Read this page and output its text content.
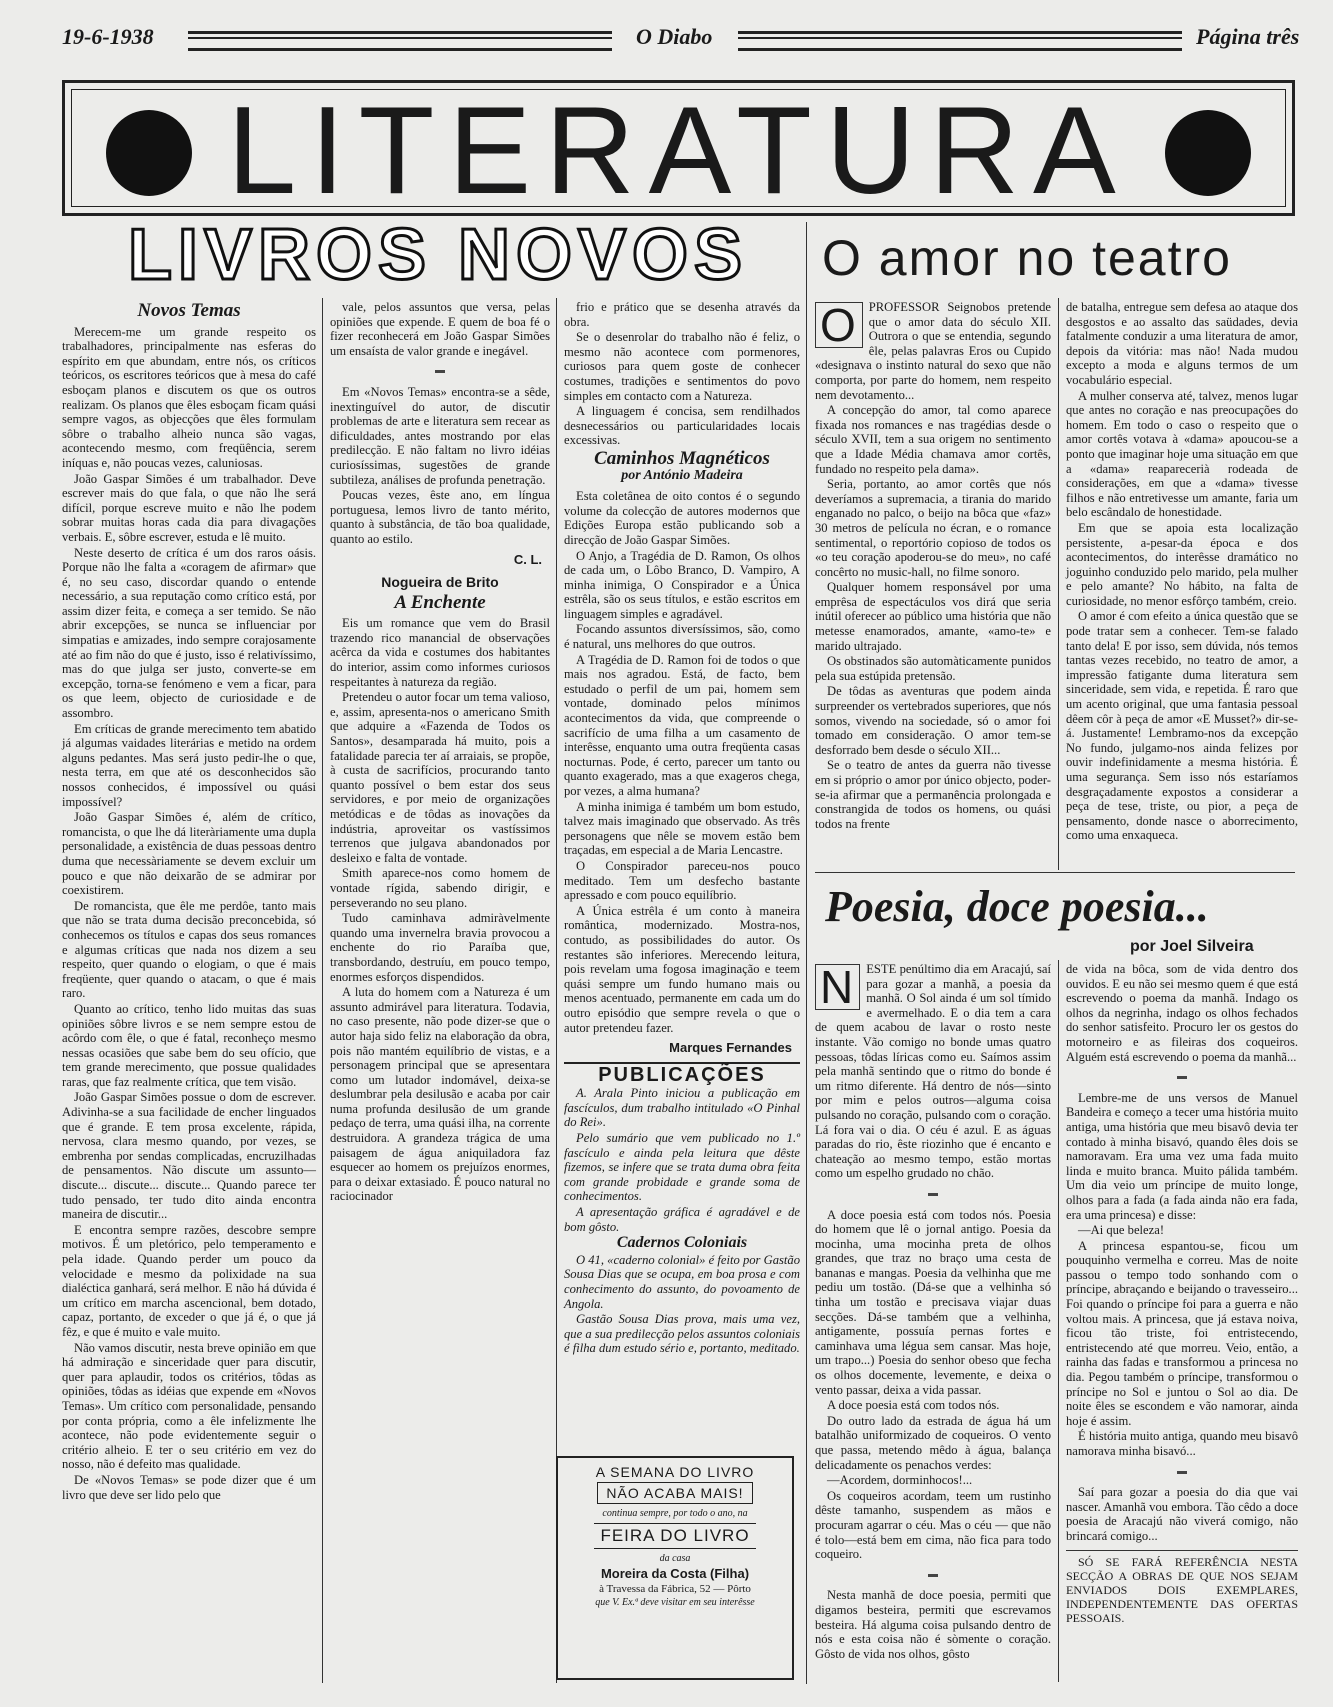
19-6-1938	O Diabo	Página três
LITERATURA
LIVROS NOVOS	O amor no teatro
Novos Temas

Merecem-me um grande respeito os trabalhadores, principalmente nas esferas do espírito em que abundam, entre nós, os críticos teóricos, os escritores teóricos que à mesa do café esboçam planos e discutem os que os outros realizam. Os planos que êles esboçam ficam quási sempre vagos, as objecções que êles formulam sôbre o trabalho alheio nunca são vagas, acontecendo mesmo, com freqüência, serem iníquas e, não poucas vezes, caluniosas.

João Gaspar Simões é um trabalhador. Deve escrever mais do que fala, o que não lhe será difícil, porque escreve muito e não lhe podem sobrar muitas horas cada dia para divagações verbais. E, sôbre escrever, estuda e lê muito.

Neste deserto de crítica é um dos raros oásis. Porque não lhe falta a «coragem de afirmar» que é, no seu caso, discordar quando o entende necessário, a sua reputação como crítico está, por assim dizer feita, e começa a ser temido. Se não abrir excepções, se nunca se influenciar por simpatias e amizades, indo sempre corajosamente até ao fim não do que é justo, isso é relativíssimo, mas do que julga ser justo, converte-se em excepção, torna-se fenómeno e vem a ficar, para os que leem, objecto de curiosidade e de assombro.

Em críticas de grande merecimento tem abatido já algumas vaidades literárias e metido na ordem alguns pedantes. Mas será justo pedir-lhe o que, nesta terra, em que até os desconhecidos são nossos conhecidos, é impossível ou quási impossível?

João Gaspar Simões é, além de crítico, romancista, o que lhe dá literàriamente uma dupla personalidade, a existência de duas pessoas dentro duma que necessàriamente se devem excluir um pouco e que não deixarão de se admirar por coexistirem.

De romancista, que êle me perdôe, tanto mais que não se trata duma decisão preconcebida, só conhecemos os títulos e capas dos seus romances e algumas críticas que nada nos dizem a seu respeito, quer quando o elogiam, o que é mais freqüente, quer quando o atacam, o que é mais raro.

Quanto ao crítico, tenho lido muitas das suas opiniões sôbre livros e se nem sempre estou de acôrdo com êle, o que é fatal, reconheço mesmo nessas ocasiões que sabe bem do seu ofício, que tem grande merecimento, que possue qualidades raras, que faz realmente crítica, que tem visão.

João Gaspar Simões possue o dom de escrever. Adivinha-se a sua facilidade de encher linguados que é grande. E tem prosa excelente, rápida, nervosa, clara mesmo quando, por vezes, se embrenha por sendas complicadas, encruzilhadas de pensamentos. Não discute um assunto— discute... discute... discute... Quando parece ter tudo pensado, ter tudo dito ainda encontra maneira de discutir...

E encontra sempre razões, descobre sempre motivos. É um pletórico, pelo temperamento e pela idade. Quando perder um pouco da velocidade e mesmo da polixidade na sua dialéctica ganhará, será melhor. E não há dúvida é um crítico em marcha ascencional, bem dotado, capaz, portanto, de exceder o que já é, o que já fêz, e que é muito e vale muito.

Não vamos discutir, nesta breve opinião em que há admiração e sinceridade quer para discutir, quer para aplaudir, todos os critérios, tôdas as opiniões, tôdas as idéias que expende em «Novos Temas». Um crítico com personalidade, pensando por conta própria, como a êle infelizmente lhe acontece, não pode evidentemente seguir o critério alheio. E ter o seu critério em vez do nosso, não é defeito mas qualidade.

De «Novos Temas» se pode dizer que é um livro que deve ser lido pelo que

vale, pelos assuntos que versa, pelas opiniões que expende. E quem de boa fé o fizer reconhecerá em João Gaspar Simões um ensaísta de valor grande e inegável.

▬

Em «Novos Temas» encontra-se a sêde, inextinguível do autor, de discutir problemas de arte e literatura sem recear as dificuldades, antes mostrando por elas predilecção. E não faltam no livro idéias curiosíssimas, sugestões de grande subtileza, análises de profunda penetração.

Poucas vezes, êste ano, em língua portuguesa, lemos livro de tanto mérito, quanto à substância, de tão boa qualidade, quanto ao estilo.

C. L.

Nogueira de Brito
A Enchente

Eis um romance que vem do Brasil trazendo rico manancial de observações acêrca da vida e costumes dos habitantes do interior, assim como informes curiosos respeitantes à natureza da região.

Pretendeu o autor focar um tema valioso, e, assim, apresenta-nos o americano Smith que adquire a «Fazenda de Todos os Santos», desamparada há muito, pois a fatalidade parecia ter aí arraiais, se propõe, à custa de sacrifícios, procurando tanto quanto possível o bem estar dos seus servidores, e por meio de organizações metódicas e de tôdas as inovações da indústria, aproveitar os vastíssimos terrenos que julgava abandonados por desleixo e falta de vontade.

Smith aparece-nos como homem de vontade rígida, sabendo dirigir, e perseverando no seu plano.

Tudo caminhava admiràvelmente quando uma invernelra bravia provocou a enchente do rio Paraíba que, transbordando, destruíu, em pouco tempo, enormes esforços dispendidos.

A luta do homem com a Natureza é um assunto admirável para literatura. Todavia, no caso presente, não pode dizer-se que o autor haja sido feliz na elaboração da obra, pois não mantém equilíbrio de vistas, e a personagem principal que se apresentara como um lutador indomável, deixa-se deslumbrar pela desilusão e acaba por cair numa profunda desilusão de um grande pedaço de terra, uma quási ilha, na corrente destruidora. A grandeza trágica de uma paisagem de água aniquiladora faz esquecer ao homem os prejuízos enormes, para o deixar extasiado. É pouco natural no raciocinador

frio e prático que se desenha através da obra.

Se o desenrolar do trabalho não é feliz, o mesmo não acontece com pormenores, curiosos para quem goste de conhecer costumes, tradições e sentimentos do povo simples em contacto com a Natureza.

A linguagem é concisa, sem rendilhados desnecessários ou particularidades locais excessivas.

Caminhos Magnéticos
por António Madeira

Esta coletânea de oito contos é o segundo volume da colecção de autores modernos que Edições Europa estão publicando sob a direcção de João Gaspar Simões.

O Anjo, a Tragédia de D. Ramon, Os olhos de cada um, o Lôbo Branco, D. Vampiro, A minha inimiga, O Conspirador e a Única estrêla, são os seus títulos, e estão escritos em linguagem simples e agradável.

Focando assuntos diversíssimos, são, como é natural, uns melhores do que outros.

A Tragédia de D. Ramon foi de todos o que mais nos agradou. Está, de facto, bem estudado o perfil de um pai, homem sem vontade, dominado pelos mínimos acontecimentos da vida, que compreende o sacrifício de uma filha a um casamento de interêsse, enquanto uma outra freqüenta casas nocturnas. Pode, é certo, parecer um tanto ou quanto exagerado, mas a que exageros chega, por vezes, a alma humana?

A minha inimiga é também um bom estudo, talvez mais imaginado que observado. As três personagens que nêle se movem estão bem traçadas, em especial a de Maria Lencastre.

O Conspirador pareceu-nos pouco meditado. Tem um desfecho bastante apressado e com pouco equilíbrio.

A Única estrêla é um conto à maneira romântica, modernizado. Mostra-nos, contudo, as possibilidades do autor. Os restantes são inferiores. Merecendo leitura, pois revelam uma fogosa imaginação e teem quási sempre um fundo humano mais ou menos acentuado, permanente em cada um do outro episódio que sempre revela o que o autor pretendeu fazer.

Marques Fernandes
PUBLICAÇÕES

A. Arala Pinto iniciou a publicação em fascículos, dum trabalho intitulado «O Pinhal do Rei».

Pelo sumário que vem publicado no 1.º fascículo e ainda pela leitura que dêste fizemos, se infere que se trata duma obra feita com grande probidade e grande soma de conhecimentos.

A apresentação gráfica é agradável e de bom gôsto.

Cadernos Coloniais

O 41, «caderno colonial» é feito por Gastão Sousa Dias que se ocupa, em boa prosa e com conhecimento do assunto, do povoamento de Angola.

Gastão Sousa Dias prova, mais uma vez, que a sua predilecção pelos assuntos coloniais é filha dum estudo sério e, portanto, meditado.

A SEMANA DO LIVRO
NÃO ACABA MAIS!
continua sempre, por todo o ano, na
FEIRA DO LIVRO
da casa
Moreira da Costa (Filha)
à Travessa da Fábrica, 52 — Pôrto
que V. Ex.ª deve visitar em seu interêsse
O	PROFESSOR Seignobos pretende que o amor data do século XII. Outrora o que se entendia, segundo êle, pelas palavras Eros ou Cupido «designava o instinto natural do sexo que não comporta, por parte do homem, nem respeito nem devotamento...

A concepção do amor, tal como aparece fixada nos romances e nas tragédias desde o século XVII, tem a sua origem no sentimento que a Idade Média chamava amor cortês, fundado no respeito pela dama».

Seria, portanto, ao amor cortês que nós deveríamos a supremacia, a tirania do marido enganado no palco, o beijo na bôca que «faz» 30 metros de película no écran, e o romance sentimental, o reportório copioso de todos os «o teu coração apoderou-se do meu», no café concêrto no music-hall, no filme sonoro.

Qualquer homem responsável por uma emprêsa de espectáculos vos dirá que seria inútil oferecer ao público uma história que não metesse enamorados, amante, «amo-te» e marido ultrajado.

Os obstinados são automàticamente punidos pela sua estúpida pretensão.

De tôdas as aventuras que podem ainda surpreender os vertebrados superiores, que nós somos, vivendo na sociedade, só o amor foi tomado em consideração. O amor tem-se desforrado bem desde o século XII...

Se o teatro de antes da guerra não tivesse em si próprio o amor por único objecto, poder-se-ia afirmar que a permanência prolongada e constrangida de todos os homens, ou quási todos na frente

de batalha, entregue sem defesa ao ataque dos desgostos e ao assalto das saüdades, devia fatalmente conduzir a uma literatura de amor, depois da vitória: mas não! Nada mudou excepto a moda e alguns termos de um vocabulário especial.

A mulher conserva até, talvez, menos lugar que antes no coração e nas preocupações do homem. Em todo o caso o respeito que o amor cortês votava à «dama» apoucou-se a ponto que imaginar hoje uma situação em que a «dama» reaparecerià rodeada de considerações, em que a «dama» tivesse filhos e não entretivesse um amante, faria um belo escândalo de honestidade.

Em que se apoia esta localização persistente, a-pesar-da época e dos acontecimentos, do interêsse dramático no joguinho conduzido pelo marido, pela mulher e pelo amante? No hábito, na falta de curiosidade, no menor esfôrço também, creio.

O amor é com efeito a única questão que se pode tratar sem a conhecer. Tem-se falado tanto dela! E por isso, sem dúvida, nós temos tantas vezes recebido, no teatro de amor, a impressão fatigante duma literatura sem sinceridade, sem vida, e repetida. É raro que um acento original, que uma fantasia pessoal dêem côr à peça de amor «E Musset?» dir-se-á. Justamente! Lembramo-nos da excepção No fundo, julgamo-nos ainda felizes por ouvir indefinidamente a mesma história. É uma segurança. Sem isso nós estaríamos desgraçadamente expostos a considerar a peça de tese, triste, ou pior, a peça de pensamento, donde nasce o aborrecimento, como uma enxaqueca.

Poesia, doce poesia...
por Joel Silveira
N	ESTE penúltimo dia em Aracajú, saí para gozar a manhã, a poesia da manhã. O Sol ainda é um sol tímido e avermelhado. E o dia tem a cara de quem acabou de lavar o rosto neste instante. Vão comigo no bonde umas quatro pessoas, tôdas líricas como eu. Saímos assim pela manhã sentindo que o ritmo do bonde é um ritmo diferente. Há dentro de nós—sinto por mim e pelos outros—alguma coisa pulsando no coração, pulsando com o coração. Lá fora vai o dia. O céu é azul. E as águas paradas do rio, êste riozinho que é encanto e chateação ao mesmo tempo, estão mortas como um espelho grudado no chão.

▬

A doce poesia está com todos nós. Poesia do homem que lê o jornal antigo. Poesia da mocinha, uma mocinha preta de olhos grandes, que traz no braço uma cesta de bananas e mangas. Poesia da velhinha que me pediu um tostão. (Dá-se que a velhinha só tinha um tostão e precisava viajar duas secções. Dá-se também que a velhinha, antigamente, possuía pernas fortes e caminhava uma légua sem cansar. Mas hoje, um trapo...) Poesia do senhor obeso que fecha os olhos docemente, levemente, e deixa o vento passar, deixa a vida passar.

A doce poesia está com todos nós.

Do outro lado da estrada de água há um batalhão uniformizado de coqueiros. O vento que passa, metendo mêdo à água, balança delicadamente os penachos verdes:

—Acordem, dorminhocos!...

Os coqueiros acordam, teem um rustinho dêste tamanho, suspendem as mãos e procuram agarrar o céu. Mas o céu — que não é tolo—está bem em cima, não fica para todo coqueiro.

▬

Nesta manhã de doce poesia, permiti que digamos besteira, permiti que escrevamos besteira. Há alguma coisa pulsando dentro de nós e esta coisa não é sòmente o coração. Gôsto de vida nos olhos, gôsto

de vida na bôca, som de vida dentro dos ouvidos. E eu não sei mesmo quem é que está escrevendo o poema da manhã. Indago os olhos da negrinha, indago os olhos fechados do senhor satisfeito. Procuro ler os gestos do motorneiro e as fileiras dos coqueiros. Alguém está escrevendo o poema da manhã...

▬

Lembre-me de uns versos de Manuel Bandeira e começo a tecer uma história muito antiga, uma história que meu bisavô devia ter contado à minha bisavó, quando êles dois se namoravam. Era uma vez uma fada muito linda e muito branca. Muito pálida também. Um dia veio um príncipe de muito longe, olhos para a fada (a fada ainda não era fada, era uma princesa) e disse:

—Ai que beleza!

A princesa espantou-se, ficou um pouquinho vermelha e correu. Mas de noite passou o tempo todo sonhando com o príncipe, abraçando e beijando o travesseiro... Foi quando o príncipe foi para a guerra e não voltou mais. A princesa, que já estava noiva, ficou tão triste, foi entristecendo, entristecendo até que morreu. Veio, então, a rainha das fadas e transformou a princesa no dia. Pegou também o príncipe, transformou o príncipe no Sol e juntou o Sol ao dia. De noite êles se escondem e vão namorar, ainda hoje é assim.

É história muito antiga, quando meu bisavô namorava minha bisavó...

▬

Saí para gozar a poesia do dia que vai nascer. Amanhã vou embora. Tão cêdo a doce poesia de Aracajú não viverá comigo, não brincará comigo...

SÓ SE FARÁ REFERÊNCIA NESTA SECÇÃO A OBRAS DE QUE NOS SEJAM ENVIADOS DOIS EXEMPLARES, INDEPENDENTEMENTE DAS OFERTAS PESSOAIS.
